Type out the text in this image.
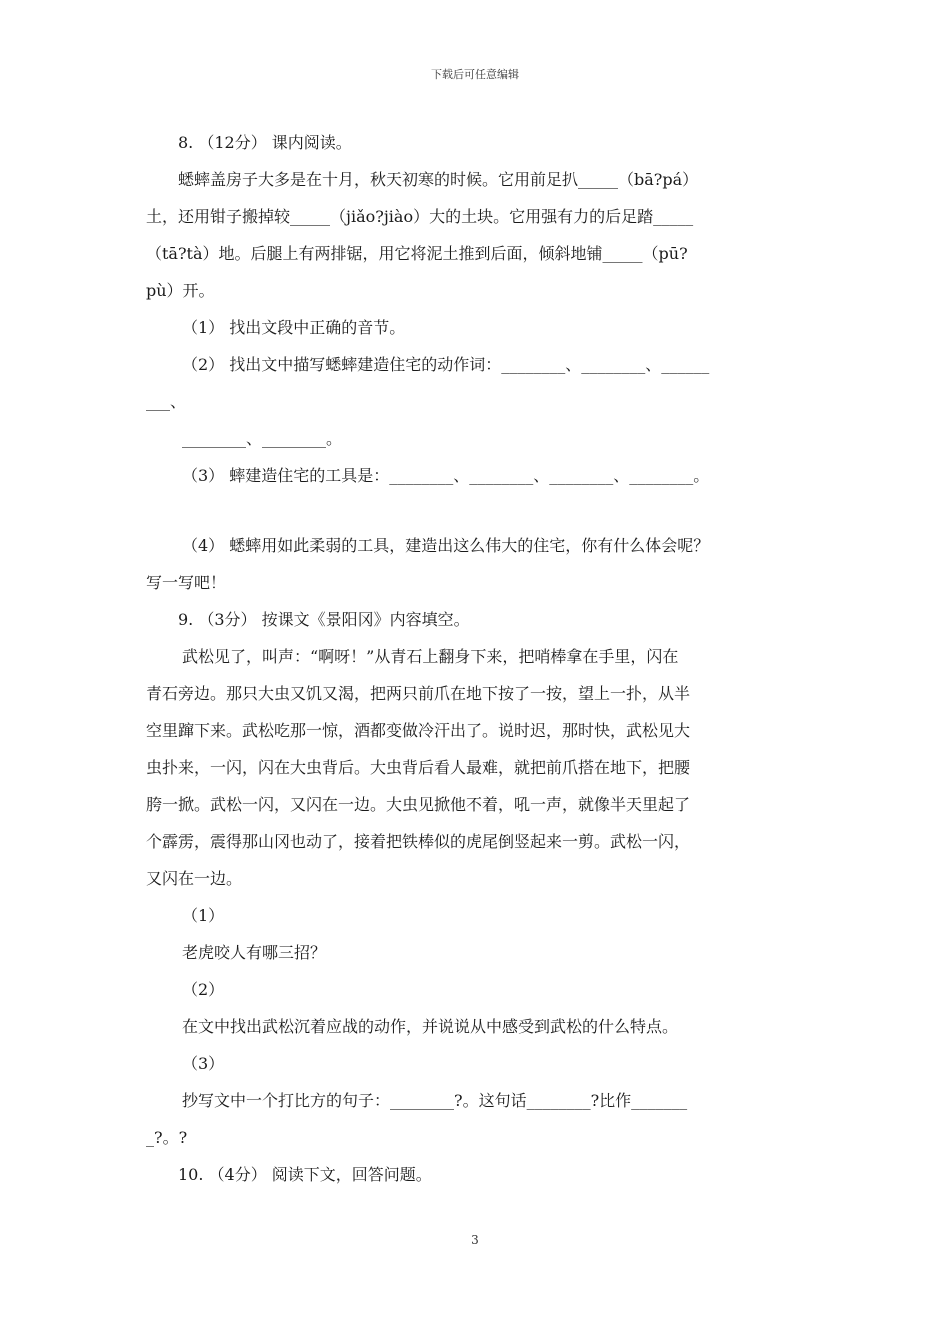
下载后可任意编辑

8. （12分） 课内阅读。

蟋蟀盖房子大多是在十月，秋天初寒的时候。它用前足扒_____（bā?pá）

土，还用钳子搬掉较_____（jiǎo?jiào）大的土块。它用强有力的后足踏_____

（tā?tà）地。后腿上有两排锯，用它将泥土推到后面，倾斜地铺_____（pū?

pù）开。

（1） 找出文段中正确的音节。

（2） 找出文中描写蟋蟀建造住宅的动作词：________、________、______

___、

________、________。

（3） 蟀建造住宅的工具是：________、________、________、________。

（4） 蟋蟀用如此柔弱的工具，建造出这么伟大的住宅，你有什么体会呢？

写一写吧！

9. （3分） 按课文《景阳冈》内容填空。

武松见了，叫声：“啊呀！”从青石上翻身下来，把哨棒拿在手里，闪在

青石旁边。那只大虫又饥又渴，把两只前爪在地下按了一按，望上一扑，从半

空里蹿下来。武松吃那一惊，酒都变做冷汗出了。说时迟，那时快，武松见大

虫扑来，一闪，闪在大虫背后。大虫背后看人最难，就把前爪搭在地下，把腰

胯一掀。武松一闪，又闪在一边。大虫见掀他不着，吼一声，就像半天里起了

个霹雳，震得那山冈也动了，接着把铁棒似的虎尾倒竖起来一剪。武松一闪，

又闪在一边。

（1）

老虎咬人有哪三招？

（2）

在文中找出武松沉着应战的动作，并说说从中感受到武松的什么特点。

（3）

抄写文中一个打比方的句子：________?。这句话________?比作_______

_?。?

10. （4分） 阅读下文，回答问题。

3
